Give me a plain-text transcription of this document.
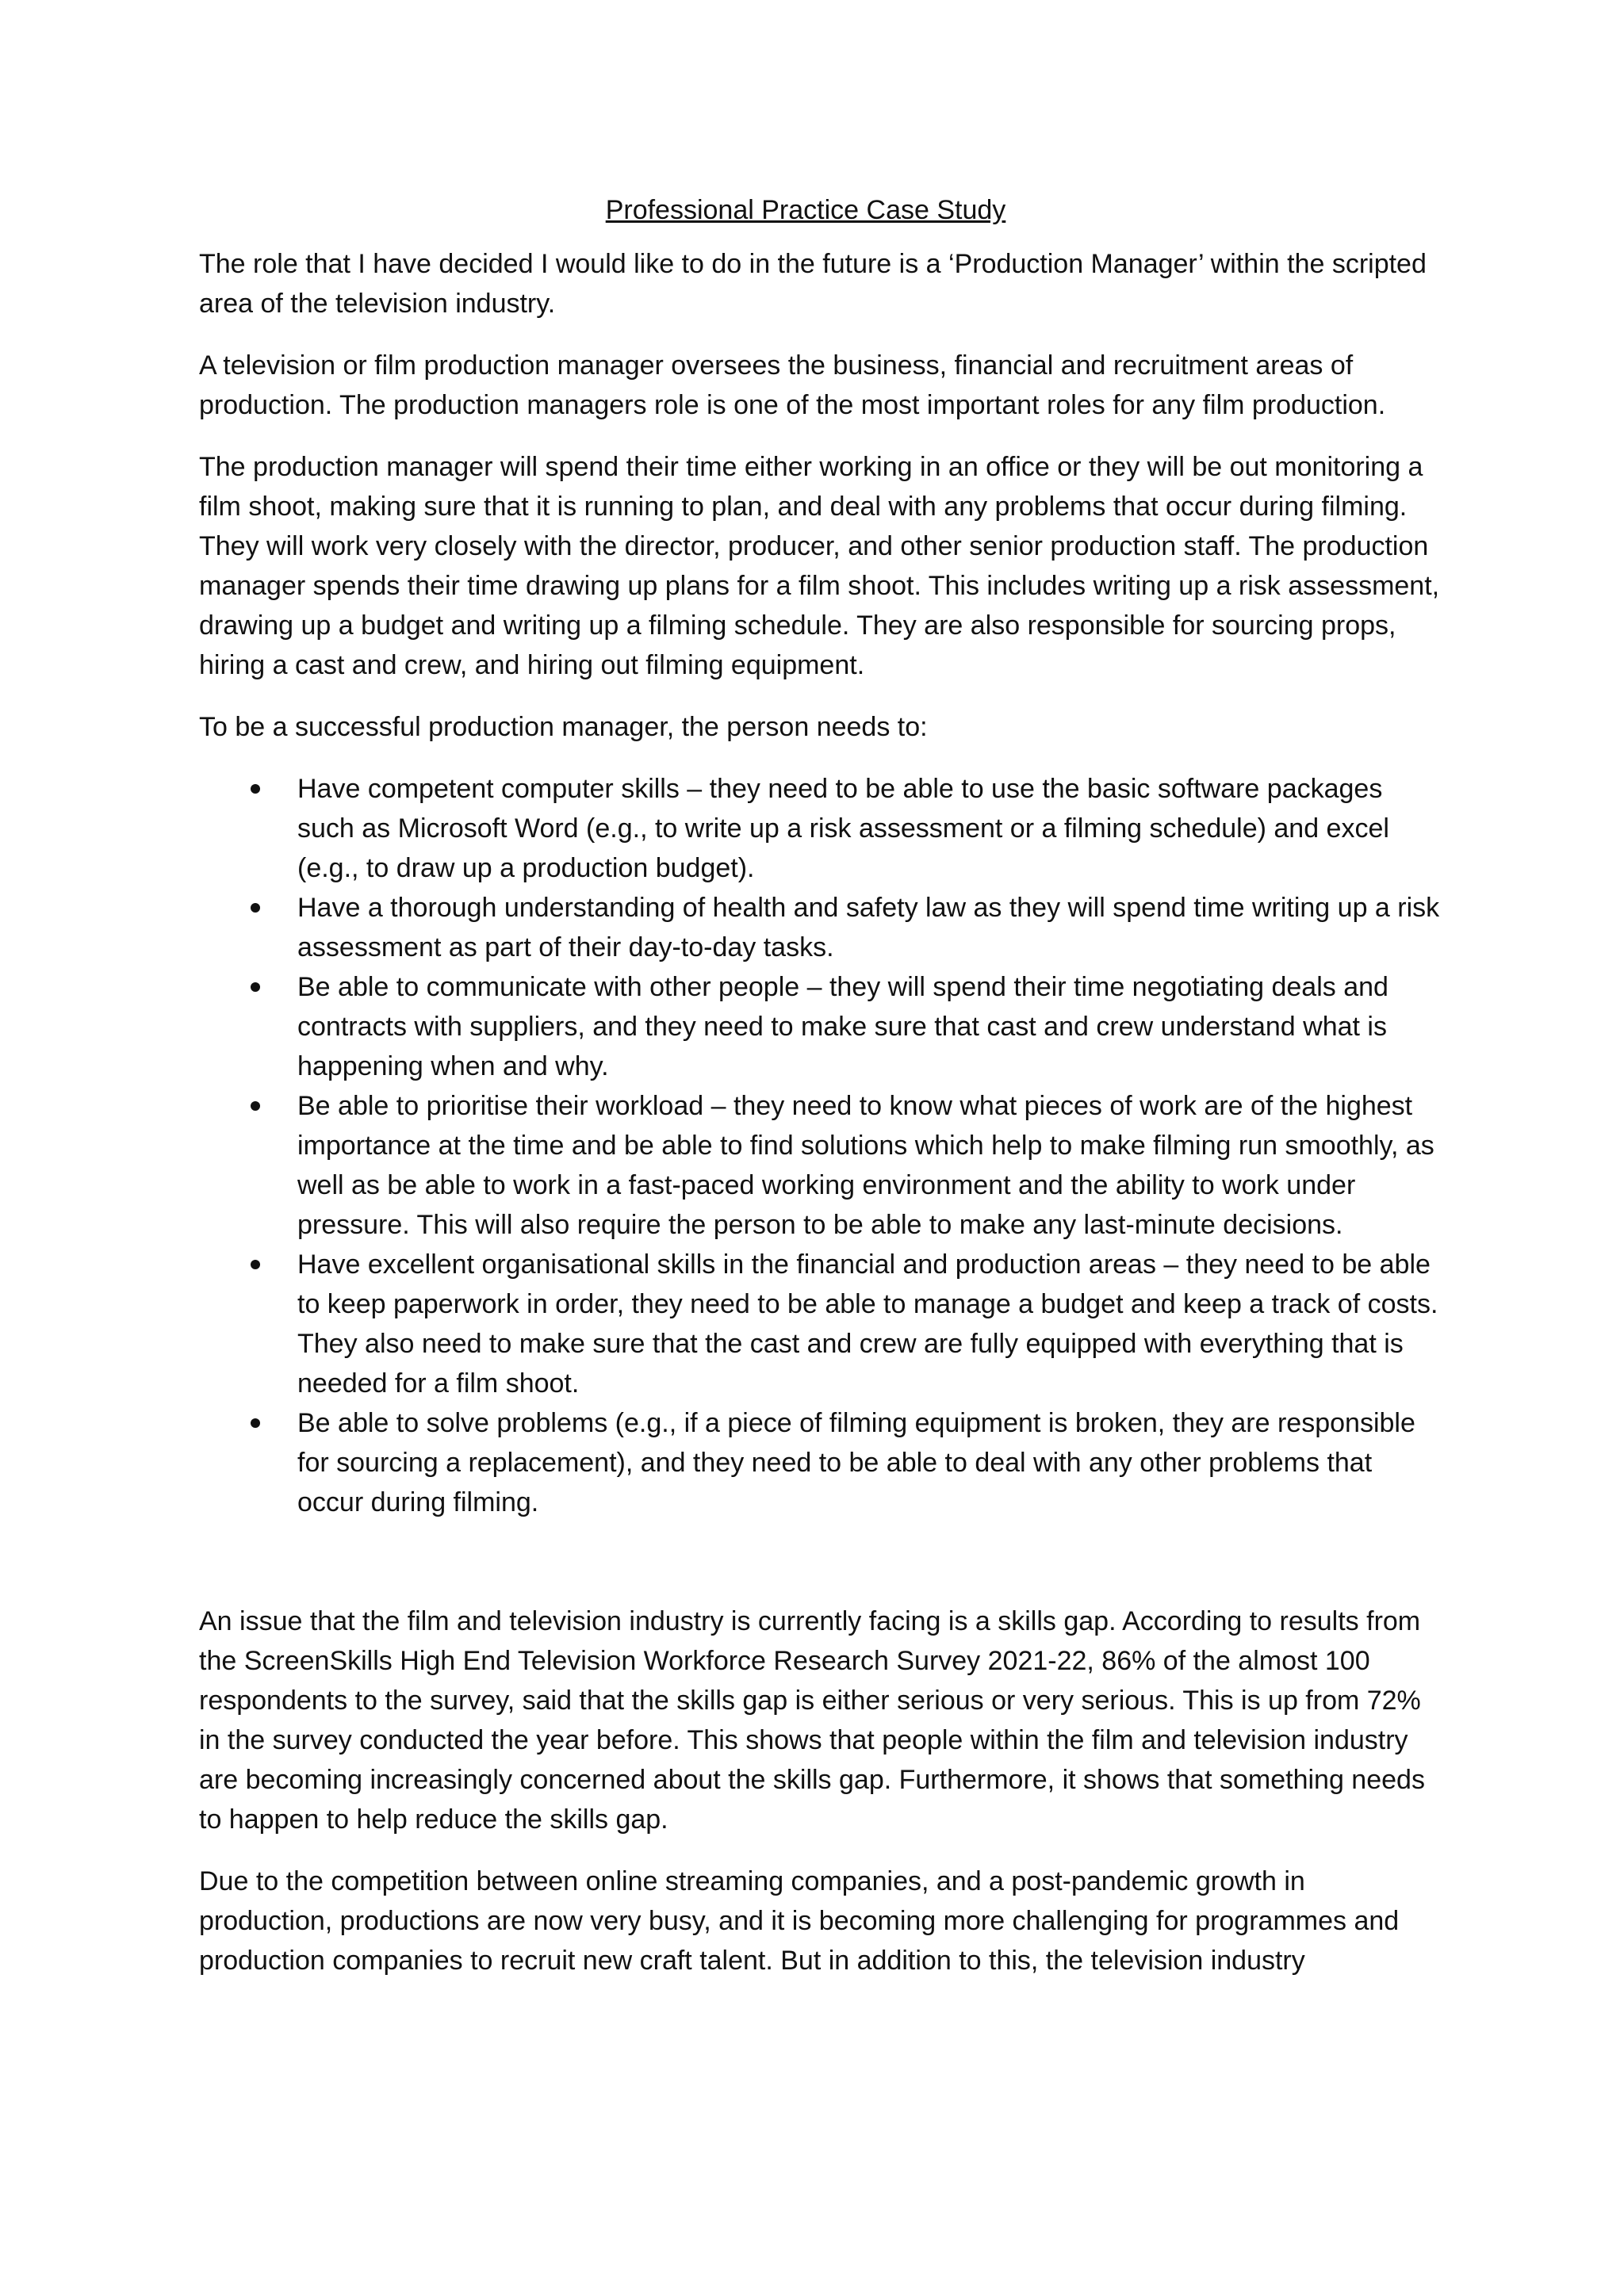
Professional Practice Case Study

The role that I have decided I would like to do in the future is a ‘Production Manager’ within the scripted area of the television industry.

A television or film production manager oversees the business, financial and recruitment areas of production. The production managers role is one of the most important roles for any film production.

The production manager will spend their time either working in an office or they will be out monitoring a film shoot, making sure that it is running to plan, and deal with any problems that occur during filming. They will work very closely with the director, producer, and other senior production staff. The production manager spends their time drawing up plans for a film shoot. This includes writing up a risk assessment, drawing up a budget and writing up a filming schedule. They are also responsible for sourcing props, hiring a cast and crew, and hiring out filming equipment.

To be a successful production manager, the person needs to:

Have competent computer skills – they need to be able to use the basic software packages such as Microsoft Word (e.g., to write up a risk assessment or a filming schedule) and excel (e.g., to draw up a production budget).
Have a thorough understanding of health and safety law as they will spend time writing up a risk assessment as part of their day-to-day tasks.
Be able to communicate with other people – they will spend their time negotiating deals and contracts with suppliers, and they need to make sure that cast and crew understand what is happening when and why.
Be able to prioritise their workload – they need to know what pieces of work are of the highest importance at the time and be able to find solutions which help to make filming run smoothly, as well as be able to work in a fast-paced working environment and the ability to work under pressure. This will also require the person to be able to make any last-minute decisions.
Have excellent organisational skills in the financial and production areas – they need to be able to keep paperwork in order, they need to be able to manage a budget and keep a track of costs. They also need to make sure that the cast and crew are fully equipped with everything that is needed for a film shoot.
Be able to solve problems (e.g., if a piece of filming equipment is broken, they are responsible for sourcing a replacement), and they need to be able to deal with any other problems that occur during filming.

An issue that the film and television industry is currently facing is a skills gap. According to results from the ScreenSkills High End Television Workforce Research Survey 2021-22, 86% of the almost 100 respondents to the survey, said that the skills gap is either serious or very serious. This is up from 72% in the survey conducted the year before. This shows that people within the film and television industry are becoming increasingly concerned about the skills gap. Furthermore, it shows that something needs to happen to help reduce the skills gap.

Due to the competition between online streaming companies, and a post-pandemic growth in production, productions are now very busy, and it is becoming more challenging for programmes and production companies to recruit new craft talent. But in addition to this, the television industry
